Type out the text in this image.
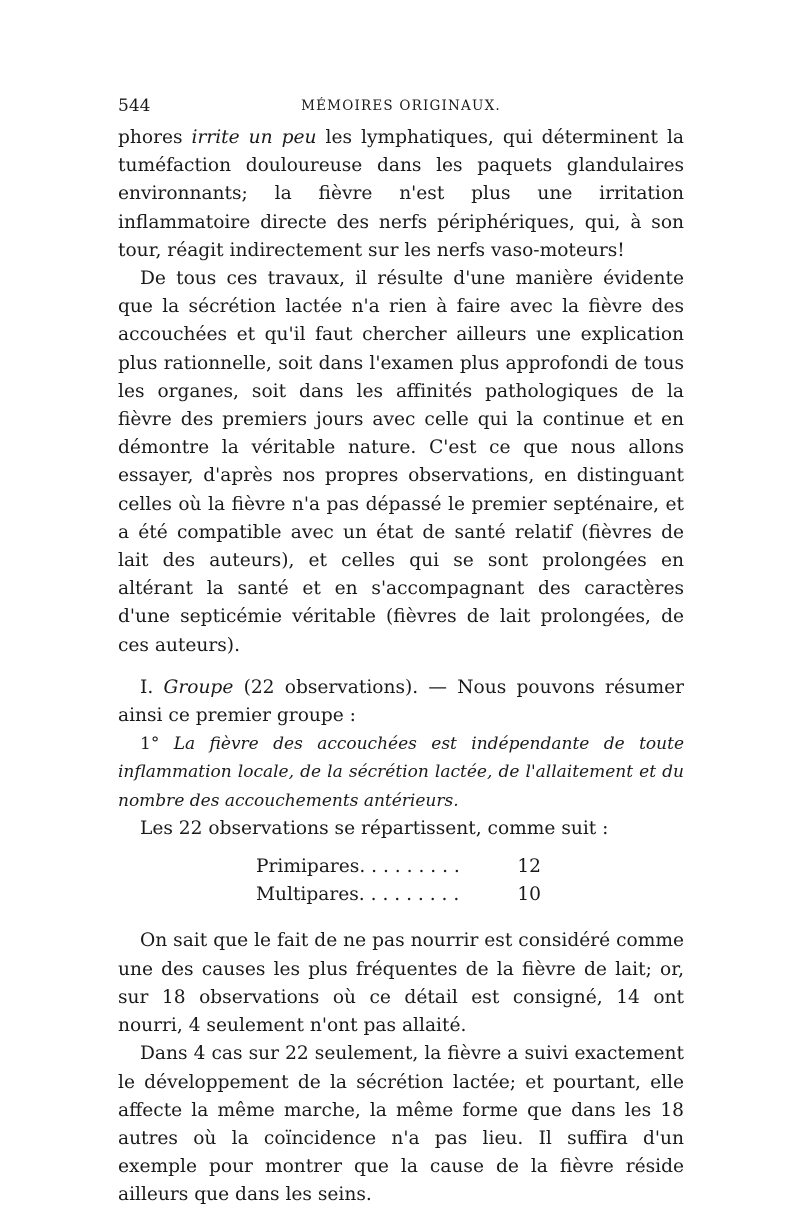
544	MÉMOIRES ORIGINAUX.

phores irrite un peu les lymphatiques, qui déterminent la tuméfaction douloureuse dans les paquets glandulaires environnants; la fièvre n'est plus une irritation inflammatoire directe des nerfs périphériques, qui, à son tour, réagit indirectement sur les nerfs vaso-moteurs!

De tous ces travaux, il résulte d'une manière évidente que la sécrétion lactée n'a rien à faire avec la fièvre des accouchées et qu'il faut chercher ailleurs une explication plus rationnelle, soit dans l'examen plus approfondi de tous les organes, soit dans les affinités pathologiques de la fièvre des premiers jours avec celle qui la continue et en démontre la véritable nature. C'est ce que nous allons essayer, d'après nos propres observations, en distinguant celles où la fièvre n'a pas dépassé le premier septénaire, et a été compatible avec un état de santé relatif (fièvres de lait des auteurs), et celles qui se sont prolongées en altérant la santé et en s'accompagnant des caractères d'une septicémie véritable (fièvres de lait prolongées, de ces auteurs).

I. Groupe (22 observations). — Nous pouvons résumer ainsi ce premier groupe :

1° La fièvre des accouchées est indépendante de toute inflammation locale, de la sécrétion lactée, de l'allaitement et du nombre des accouchements antérieurs.

Les 22 observations se répartissent, comme suit :

Primipares. . . . . . . . .	12
Multipares. . . . . . . . .	10

On sait que le fait de ne pas nourrir est considéré comme une des causes les plus fréquentes de la fièvre de lait; or, sur 18 observations où ce détail est consigné, 14 ont nourri, 4 seulement n'ont pas allaité.

Dans 4 cas sur 22 seulement, la fièvre a suivi exactement le développement de la sécrétion lactée; et pourtant, elle affecte la même marche, la même forme que dans les 18 autres où la coïncidence n'a pas lieu. Il suffira d'un exemple pour montrer que la cause de la fièvre réside ailleurs que dans les seins.
